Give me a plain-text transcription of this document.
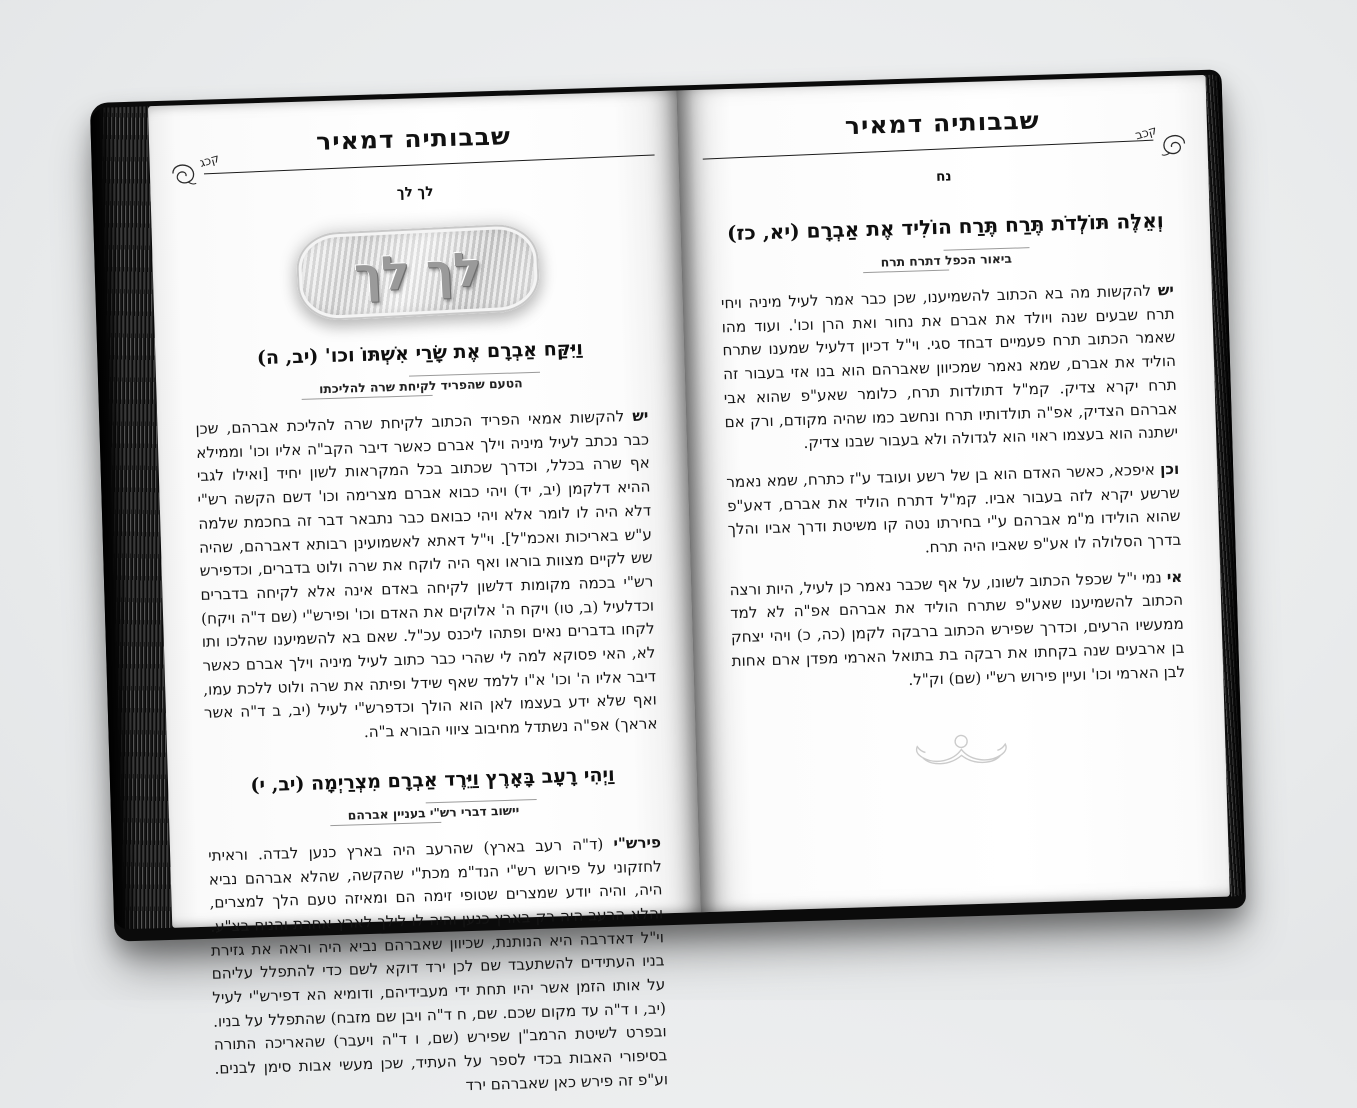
שבבותיה דמאיר
קכג
לך לך
לך לך
וַיִּקַּח אַבְרָם אֶת שָׂרַי אִשְׁתּוֹ וכו' (יב, ה)
הטעם שהפריד לקיחת שרה להליכתו

יש להקשות אמאי הפריד הכתוב לקיחת שרה להליכת אברהם, שכן כבר נכתב לעיל מיניה וילך אברם כאשר דיבר הקב"ה אליו וכו' וממילא אף שרה בכלל, וכדרך שכתוב בכל המקראות לשון יחיד [ואילו לגבי ההיא דלקמן (יב, יד) ויהי כבוא אברם מצרימה וכו' דשם הקשה רש"י דלא היה לו לומר אלא ויהי כבואם כבר נתבאר דבר זה בחכמת שלמה ע"ש באריכות ואכמ"ל]. וי"ל דאתא לאשמועינן רבותא דאברהם, שהיה שש לקיים מצוות בוראו ואף היה לוקח את שרה ולוט בדברים, וכדפירש רש"י בכמה מקומות דלשון לקיחה באדם אינה אלא לקיחה בדברים וכדלעיל (ב, טו) ויקח ה' אלוקים את האדם וכו' ופירש"י (שם ד"ה ויקח) לקחו בדברים נאים ופתהו ליכנס עכ"ל. שאם בא להשמיענו שהלכו ותו לא, האי פסוקא למה לי שהרי כבר כתוב לעיל מיניה וילך אברם כאשר דיבר אליו ה' וכו' א"ו ללמד שאף שידל ופיתה את שרה ולוט ללכת עמו, ואף שלא ידע בעצמו לאן הוא הולך וכדפרש"י לעיל (יב, ב ד"ה אשר אראך) אפ"ה נשתדל מחיבוב ציווי הבורא ב"ה.

וַיְהִי רָעָב בָּאָרֶץ וַיֵּרֶד אַבְרָם מִצְרַיְמָה (יב, י)
יישוב דברי רש"י בעניין אברהם

פירש"י (ד"ה רעב בארץ) שהרעב היה בארץ כנען לבדה. וראיתי לחזקוני על פירוש רש"י הנד"מ מכת"י שהקשה, שהלא אברהם נביא היה, והיה יודע שמצרים שטופי זימה הם ומאיזה טעם הלך למצרים, והלא הרעב היה רק בארץ כנען והיה לו לילך לארץ אחרת והניח בצ"ע. וי"ל דאדרבה היא הנותנת, שכיוון שאברהם נביא היה וראה את גזירת בניו העתידים להשתעבד שם לכן ירד דוקא לשם כדי להתפלל עליהם על אותו הזמן אשר יהיו תחת ידי מעבידיהם, ודומיא הא דפירש"י לעיל (יב, ו ד"ה עד מקום שכם. שם, ח ד"ה ויבן שם מזבח) שהתפלל על בניו. ובפרט לשיטת הרמב"ן שפירש (שם, ו ד"ה ויעבר) שהאריכה התורה בסיפורי האבות בכדי לספר על העתיד, שכן מעשי אבות סימן לבנים. וע"פ זה פירש כאן שאברהם ירד

שבבותיה דמאיר	קכב
נח
וְאֵלֶּה תּוֹלְדֹת תֶּרַח תֶּרַח הוֹלִיד אֶת אַבְרָם (יא, כז)
ביאור הכפל דתרח תרח

יש להקשות מה בא הכתוב להשמיענו, שכן כבר אמר לעיל מיניה ויחי תרח שבעים שנה ויולד את אברם את נחור ואת הרן וכו'. ועוד מהו שאמר הכתוב תרח פעמיים דבחד סגי. וי"ל דכיון דלעיל שמענו שתרח הוליד את אברם, שמא נאמר שמכיוון שאברהם הוא בנו אזי בעבור זה תרח יקרא צדיק. קמ"ל דתולדות תרח, כלומר שאע"פ שהוא אבי אברהם הצדיק, אפ"ה תולדותיו תרח ונחשב כמו שהיה מקודם, ורק אם ישתנה הוא בעצמו ראוי הוא לגדולה ולא בעבור שבנו צדיק.

וכן איפכא, כאשר האדם הוא בן של רשע ועובד ע"ז כתרח, שמא נאמר שרשע יקרא לזה בעבור אביו. קמ"ל דתרח הוליד את אברם, דאע"פ שהוא הולידו מ"מ אברהם ע"י בחירתו נטה קו משיטת ודרך אביו והלך בדרך הסלולה לו אע"פ שאביו היה תרח.

אי נמי י"ל שכפל הכתוב לשונו, על אף שכבר נאמר כן לעיל, היות ורצה הכתוב להשמיענו שאע"פ שתרח הוליד את אברהם אפ"ה לא למד ממעשיו הרעים, וכדרך שפירש הכתוב ברבקה לקמן (כה, כ) ויהי יצחק בן ארבעים שנה בקחתו את רבקה בת בתואל הארמי מפדן ארם אחות לבן הארמי וכו' ועיין פירוש רש"י (שם) וק"ל.
